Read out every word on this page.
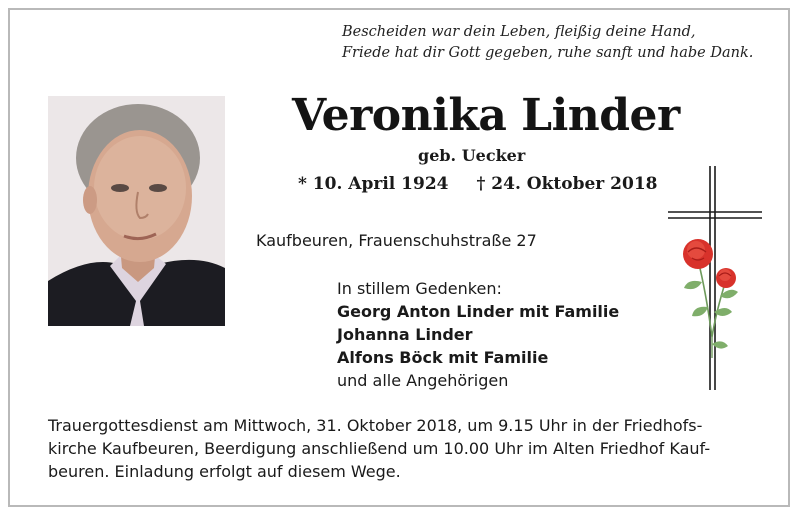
Bescheiden war dein Leben, fleißig deine Hand,
Friede hat dir Gott gegeben, ruhe sanft und habe Dank.
Veronika Linder
geb. Uecker
* 10. April 1924 † 24. Oktober 2018
Kaufbeuren, Frauenschuhstraße 27
In stillem Gedenken:
Georg Anton Linder mit Familie
Johanna Linder
Alfons Böck mit Familie
und alle Angehörigen
Trauergottesdienst am Mittwoch, 31. Oktober 2018, um 9.15 Uhr in der Friedhofs-
kirche Kaufbeuren, Beerdigung anschließend um 10.00 Uhr im Alten Friedhof Kauf-
beuren. Einladung erfolgt auf diesem Wege.
